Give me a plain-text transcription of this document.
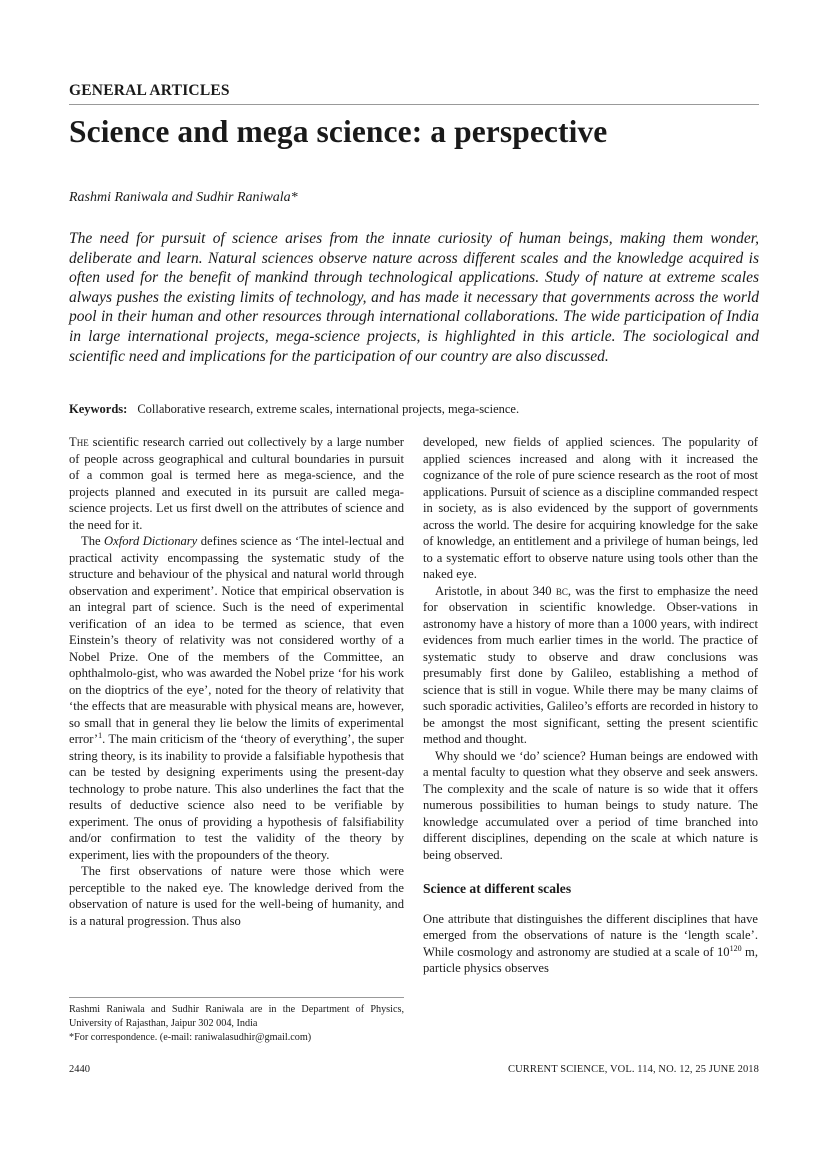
GENERAL ARTICLES
Science and mega science: a perspective
Rashmi Raniwala and Sudhir Raniwala*
The need for pursuit of science arises from the innate curiosity of human beings, making them wonder, deliberate and learn. Natural sciences observe nature across different scales and the knowledge acquired is often used for the benefit of mankind through technological applications. Study of nature at extreme scales always pushes the existing limits of technology, and has made it necessary that governments across the world pool in their human and other resources through international collaborations. The wide participation of India in large international projects, mega-science projects, is highlighted in this article. The sociological and scientific need and implications for the participation of our country are also discussed.
Keywords: Collaborative research, extreme scales, international projects, mega-science.

The scientific research carried out collectively by a large number of people across geographical and cultural boundaries in pursuit of a common goal is termed here as mega-science, and the projects planned and executed in its pursuit are called mega-science projects. Let us first dwell on the attributes of science and the need for it.

The Oxford Dictionary defines science as ‘The intel-lectual and practical activity encompassing the systematic study of the structure and behaviour of the physical and natural world through observation and experiment’. Notice that empirical observation is an integral part of science. Such is the need of experimental verification of an idea to be termed as science, that even Einstein’s theory of relativity was not considered worthy of a Nobel Prize. One of the members of the Committee, an ophthalmolo-gist, who was awarded the Nobel prize ‘for his work on the dioptrics of the eye’, noted for the theory of relativity that ‘the effects that are measurable with physical means are, however, so small that in general they lie below the limits of experimental error’$^1$. The main criticism of the ‘theory of everything’, the super string theory, is its inability to provide a falsifiable hypothesis that can be tested by designing experiments using the present-day technology to probe nature. This also underlines the fact that the results of deductive science also need to be verifiable by experiment. The onus of providing a hypothesis of falsifiability and/or confirmation to test the validity of the theory by experiment, lies with the propounders of the theory.

The first observations of nature were those which were perceptible to the naked eye. The knowledge derived from the observation of nature is used for the well-being of humanity, and is a natural progression. Thus also

developed, new fields of applied sciences. The popularity of applied sciences increased and along with it increased the cognizance of the role of pure science research as the root of most applications. Pursuit of science as a discipline commanded respect in society, as is also evidenced by the support of governments across the world. The desire for acquiring knowledge for the sake of knowledge, an entitlement and a privilege of human beings, led to a systematic effort to observe nature using tools other than the naked eye.

Aristotle, in about 340 bc, was the first to emphasize the need for observation in scientific knowledge. Obser-vations in astronomy have a history of more than a 1000 years, with indirect evidences from much earlier times in the world. The practice of systematic study to observe and draw conclusions was presumably first done by Galileo, establishing a method of science that is still in vogue. While there may be many claims of such sporadic activities, Galileo’s efforts are recorded in history to be amongst the most significant, setting the present scientific method and thought.

Why should we ‘do’ science? Human beings are endowed with a mental faculty to question what they observe and seek answers. The complexity and the scale of nature is so wide that it offers numerous possibilities to human beings to study nature. The knowledge accumulated over a period of time branched into different disciplines, depending on the scale at which nature is being observed.

Science at different scales

One attribute that distinguishes the different disciplines that have emerged from the observations of nature is the ‘length scale’. While cosmology and astronomy are studied at a scale of $10^{120}$ m, particle physics observes

Rashmi Raniwala and Sudhir Raniwala are in the Department of Physics, University of Rajasthan, Jaipur 302 004, India

*For correspondence. (e-mail: raniwalasudhir@gmail.com)

2440	CURRENT SCIENCE, VOL. 114, NO. 12, 25 JUNE 2018
